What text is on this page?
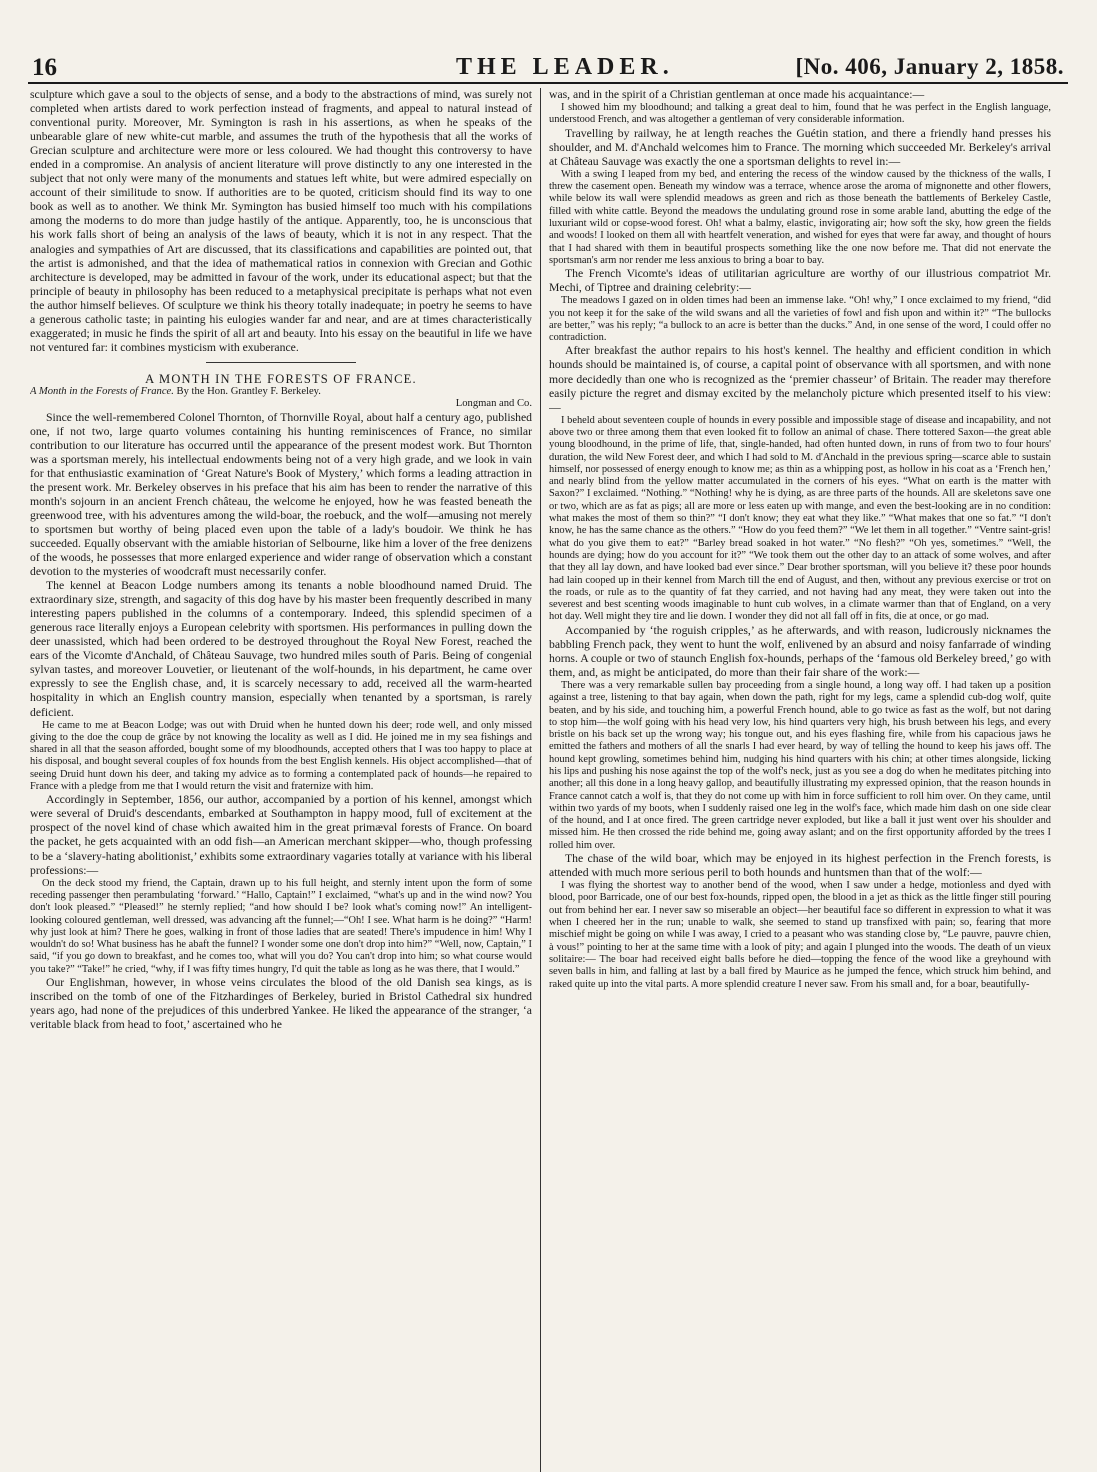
16	THE LEADER.	[No. 406, January 2, 1858.

sculpture which gave a soul to the objects of sense, and a body to the abstractions of mind, was surely not completed when artists dared to work perfection instead of fragments, and appeal to natural instead of conventional purity. Moreover, Mr. Symington is rash in his assertions, as when he speaks of the unbearable glare of new white-cut marble, and assumes the truth of the hypothesis that all the works of Grecian sculpture and architecture were more or less coloured. We had thought this controversy to have ended in a compromise. An analysis of ancient literature will prove distinctly to any one interested in the subject that not only were many of the monuments and statues left white, but were admired especially on account of their similitude to snow. If authorities are to be quoted, criticism should find its way to one book as well as to another. We think Mr. Symington has busied himself too much with his compilations among the moderns to do more than judge hastily of the antique. Apparently, too, he is unconscious that his work falls short of being an analysis of the laws of beauty, which it is not in any respect. That the analogies and sympathies of Art are discussed, that its classifications and capabilities are pointed out, that the artist is admonished, and that the idea of mathematical ratios in connexion with Grecian and Gothic architecture is developed, may be admitted in favour of the work, under its educational aspect; but that the principle of beauty in philosophy has been reduced to a metaphysical precipitate is perhaps what not even the author himself believes. Of sculpture we think his theory totally inadequate; in poetry he seems to have a generous catholic taste; in painting his eulogies wander far and near, and are at times characteristically exaggerated; in music he finds the spirit of all art and beauty. Into his essay on the beautiful in life we have not ventured far: it combines mysticism with exuberance.

A MONTH IN THE FORESTS OF FRANCE.

A Month in the Forests of France. By the Hon. Grantley F. Berkeley.

Longman and Co.

Since the well-remembered Colonel Thornton, of Thornville Royal, about half a century ago, published one, if not two, large quarto volumes containing his hunting reminiscences of France, no similar contribution to our literature has occurred until the appearance of the present modest work. But Thornton was a sportsman merely, his intellectual endowments being not of a very high grade, and we look in vain for that enthusiastic examination of ‘Great Nature's Book of Mystery,’ which forms a leading attraction in the present work. Mr. Berkeley observes in his preface that his aim has been to render the narrative of this month's sojourn in an ancient French château, the welcome he enjoyed, how he was feasted beneath the greenwood tree, with his adventures among the wild-boar, the roebuck, and the wolf—amusing not merely to sportsmen but worthy of being placed even upon the table of a lady's boudoir. We think he has succeeded. Equally observant with the amiable historian of Selbourne, like him a lover of the free denizens of the woods, he possesses that more enlarged experience and wider range of observation which a constant devotion to the mysteries of woodcraft must necessarily confer.

The kennel at Beacon Lodge numbers among its tenants a noble bloodhound named Druid. The extraordinary size, strength, and sagacity of this dog have by his master been frequently described in many interesting papers published in the columns of a contemporary. Indeed, this splendid specimen of a generous race literally enjoys a European celebrity with sportsmen. His performances in pulling down the deer unassisted, which had been ordered to be destroyed throughout the Royal New Forest, reached the ears of the Vicomte d'Anchald, of Château Sauvage, two hundred miles south of Paris. Being of congenial sylvan tastes, and moreover Louvetier, or lieutenant of the wolf-hounds, in his department, he came over expressly to see the English chase, and, it is scarcely necessary to add, received all the warm-hearted hospitality in which an English country mansion, especially when tenanted by a sportsman, is rarely deficient.

He came to me at Beacon Lodge; was out with Druid when he hunted down his deer; rode well, and only missed giving to the doe the coup de grâce by not knowing the locality as well as I did. He joined me in my sea fishings and shared in all that the season afforded, bought some of my bloodhounds, accepted others that I was too happy to place at his disposal, and bought several couples of fox hounds from the best English kennels. His object accomplished—that of seeing Druid hunt down his deer, and taking my advice as to forming a contemplated pack of hounds—he repaired to France with a pledge from me that I would return the visit and fraternize with him.

Accordingly in September, 1856, our author, accompanied by a portion of his kennel, amongst which were several of Druid's descendants, embarked at Southampton in happy mood, full of excitement at the prospect of the novel kind of chase which awaited him in the great primæval forests of France. On board the packet, he gets acquainted with an odd fish—an American merchant skipper—who, though professing to be a ‘slavery-hating abolitionist,’ exhibits some extraordinary vagaries totally at variance with his liberal professions:—

On the deck stood my friend, the Captain, drawn up to his full height, and sternly intent upon the form of some receding passenger then perambulating ‘forward.’ “Hallo, Captain!” I exclaimed, “what's up and in the wind now? You don't look pleased.” “Pleased!” he sternly replied; “and how should I be? look what's coming now!” An intelligent-looking coloured gentleman, well dressed, was advancing aft the funnel;—“Oh! I see. What harm is he doing?” “Harm! why just look at him? There he goes, walking in front of those ladies that are seated! There's impudence in him! Why I wouldn't do so! What business has he abaft the funnel? I wonder some one don't drop into him?” “Well, now, Captain,” I said, “if you go down to breakfast, and he comes too, what will you do? You can't drop into him; so what course would you take?” “Take!” he cried, “why, if I was fifty times hungry, I'd quit the table as long as he was there, that I would.”

Our Englishman, however, in whose veins circulates the blood of the old Danish sea kings, as is inscribed on the tomb of one of the Fitzhardinges of Berkeley, buried in Bristol Cathedral six hundred years ago, had none of the prejudices of this underbred Yankee. He liked the appearance of the stranger, ‘a veritable black from head to foot,’ ascertained who he

was, and in the spirit of a Christian gentleman at once made his acquaintance:—

I showed him my bloodhound; and talking a great deal to him, found that he was perfect in the English language, understood French, and was altogether a gentleman of very considerable information.

Travelling by railway, he at length reaches the Guétin station, and there a friendly hand presses his shoulder, and M. d'Anchald welcomes him to France. The morning which succeeded Mr. Berkeley's arrival at Château Sauvage was exactly the one a sportsman delights to revel in:—

With a swing I leaped from my bed, and entering the recess of the window caused by the thickness of the walls, I threw the casement open. Beneath my window was a terrace, whence arose the aroma of mignonette and other flowers, while below its wall were splendid meadows as green and rich as those beneath the battlements of Berkeley Castle, filled with white cattle. Beyond the meadows the undulating ground rose in some arable land, abutting the edge of the luxuriant wild or copse-wood forest. Oh! what a balmy, elastic, invigorating air; how soft the sky, how green the fields and woods! I looked on them all with heartfelt veneration, and wished for eyes that were far away, and thought of hours that I had shared with them in beautiful prospects something like the one now before me. That did not enervate the sportsman's arm nor render me less anxious to bring a boar to bay.

The French Vicomte's ideas of utilitarian agriculture are worthy of our illustrious compatriot Mr. Mechi, of Tiptree and draining celebrity:—

The meadows I gazed on in olden times had been an immense lake. “Oh! why,” I once exclaimed to my friend, “did you not keep it for the sake of the wild swans and all the varieties of fowl and fish upon and within it?” “The bullocks are better,” was his reply; “a bullock to an acre is better than the ducks.” And, in one sense of the word, I could offer no contradiction.

After breakfast the author repairs to his host's kennel. The healthy and efficient condition in which hounds should be maintained is, of course, a capital point of observance with all sportsmen, and with none more decidedly than one who is recognized as the ‘premier chasseur’ of Britain. The reader may therefore easily picture the regret and dismay excited by the melancholy picture which presented itself to his view:—

I beheld about seventeen couple of hounds in every possible and impossible stage of disease and incapability, and not above two or three among them that even looked fit to follow an animal of chase. There tottered Saxon—the great able young bloodhound, in the prime of life, that, single-handed, had often hunted down, in runs of from two to four hours' duration, the wild New Forest deer, and which I had sold to M. d'Anchald in the previous spring—scarce able to sustain himself, nor possessed of energy enough to know me; as thin as a whipping post, as hollow in his coat as a ‘French hen,’ and nearly blind from the yellow matter accumulated in the corners of his eyes. “What on earth is the matter with Saxon?” I exclaimed. “Nothing.” “Nothing! why he is dying, as are three parts of the hounds. All are skeletons save one or two, which are as fat as pigs; all are more or less eaten up with mange, and even the best-looking are in no condition: what makes the most of them so thin?” “I don't know; they eat what they like.” “What makes that one so fat.” “I don't know, he has the same chance as the others.” “How do you feed them?” “We let them in all together.” “Ventre saint-gris! what do you give them to eat?” “Barley bread soaked in hot water.” “No flesh?” “Oh yes, sometimes.” “Well, the hounds are dying; how do you account for it?” “We took them out the other day to an attack of some wolves, and after that they all lay down, and have looked bad ever since.” Dear brother sportsman, will you believe it? these poor hounds had lain cooped up in their kennel from March till the end of August, and then, without any previous exercise or trot on the roads, or rule as to the quantity of fat they carried, and not having had any meat, they were taken out into the severest and best scenting woods imaginable to hunt cub wolves, in a climate warmer than that of England, on a very hot day. Well might they tire and lie down. I wonder they did not all fall off in fits, die at once, or go mad.

Accompanied by ‘the roguish cripples,’ as he afterwards, and with reason, ludicrously nicknames the babbling French pack, they went to hunt the wolf, enlivened by an absurd and noisy fanfarrade of winding horns. A couple or two of staunch English fox-hounds, perhaps of the ‘famous old Berkeley breed,’ go with them, and, as might be anticipated, do more than their fair share of the work:—

There was a very remarkable sullen bay proceeding from a single hound, a long way off. I had taken up a position against a tree, listening to that bay again, when down the path, right for my legs, came a splendid cub-dog wolf, quite beaten, and by his side, and touching him, a powerful French hound, able to go twice as fast as the wolf, but not daring to stop him—the wolf going with his head very low, his hind quarters very high, his brush between his legs, and every bristle on his back set up the wrong way; his tongue out, and his eyes flashing fire, while from his capacious jaws he emitted the fathers and mothers of all the snarls I had ever heard, by way of telling the hound to keep his jaws off. The hound kept growling, sometimes behind him, nudging his hind quarters with his chin; at other times alongside, licking his lips and pushing his nose against the top of the wolf's neck, just as you see a dog do when he meditates pitching into another; all this done in a long heavy gallop, and beautifully illustrating my expressed opinion, that the reason hounds in France cannot catch a wolf is, that they do not come up with him in force sufficient to roll him over. On they came, until within two yards of my boots, when I suddenly raised one leg in the wolf's face, which made him dash on one side clear of the hound, and I at once fired. The green cartridge never exploded, but like a ball it just went over his shoulder and missed him. He then crossed the ride behind me, going away aslant; and on the first opportunity afforded by the trees I rolled him over.

The chase of the wild boar, which may be enjoyed in its highest perfection in the French forests, is attended with much more serious peril to both hounds and huntsmen than that of the wolf:—

I was flying the shortest way to another bend of the wood, when I saw under a hedge, motionless and dyed with blood, poor Barricade, one of our best fox-hounds, ripped open, the blood in a jet as thick as the little finger still pouring out from behind her ear. I never saw so miserable an object—her beautiful face so different in expression to what it was when I cheered her in the run; unable to walk, she seemed to stand up transfixed with pain; so, fearing that more mischief might be going on while I was away, I cried to a peasant who was standing close by, “Le pauvre, pauvre chien, à vous!” pointing to her at the same time with a look of pity; and again I plunged into the woods. The death of un vieux solitaire:— The boar had received eight balls before he died—topping the fence of the wood like a greyhound with seven balls in him, and falling at last by a ball fired by Maurice as he jumped the fence, which struck him behind, and raked quite up into the vital parts. A more splendid creature I never saw. From his small and, for a boar, beautifully-
